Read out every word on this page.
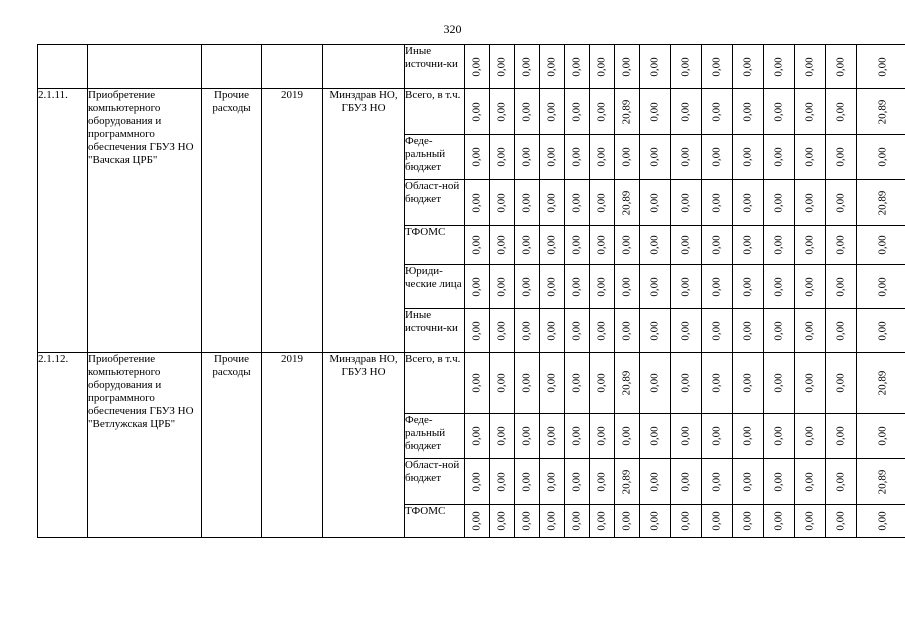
320
					Иные источни-ки	0,00	0,00	0,00	0,00	0,00	0,00	0,00	0,00	0,00	0,00	0,00	0,00	0,00	0,00	0,00

2.1.11.	Приобретение компьютерного оборудования и программного обеспечения ГБУЗ НО "Вачская ЦРБ"	Прочие расходы	2019	Минздрав НО, ГБУЗ НО	Всего, в т.ч.	0,00	0,00	0,00	0,00	0,00	0,00	20,89	0,00	0,00	0,00	0,00	0,00	0,00	0,00	20,89

					Феде-ральный бюджет	0,00	0,00	0,00	0,00	0,00	0,00	0,00	0,00	0,00	0,00	0,00	0,00	0,00	0,00	0,00

					Област-ной бюджет	0,00	0,00	0,00	0,00	0,00	0,00	20,89	0,00	0,00	0,00	0,00	0,00	0,00	0,00	20,89

					ТФОМС	0,00	0,00	0,00	0,00	0,00	0,00	0,00	0,00	0,00	0,00	0,00	0,00	0,00	0,00	0,00

					Юриди-ческие лица	0,00	0,00	0,00	0,00	0,00	0,00	0,00	0,00	0,00	0,00	0,00	0,00	0,00	0,00	0,00

					Иные источни-ки	0,00	0,00	0,00	0,00	0,00	0,00	0,00	0,00	0,00	0,00	0,00	0,00	0,00	0,00	0,00

2.1.12.	Приобретение компьютерного оборудования и программного обеспечения ГБУЗ НО "Ветлужская ЦРБ"	Прочие расходы	2019	Минздрав НО, ГБУЗ НО	Всего, в т.ч.	0,00	0,00	0,00	0,00	0,00	0,00	20,89	0,00	0,00	0,00	0,00	0,00	0,00	0,00	20,89

					Феде-ральный бюджет	0,00	0,00	0,00	0,00	0,00	0,00	0,00	0,00	0,00	0,00	0,00	0,00	0,00	0,00	0,00

					Област-ной бюджет	0,00	0,00	0,00	0,00	0,00	0,00	20,89	0,00	0,00	0,00	0,00	0,00	0,00	0,00	20,89

					ТФОМС	0,00	0,00	0,00	0,00	0,00	0,00	0,00	0,00	0,00	0,00	0,00	0,00	0,00	0,00	0,00
